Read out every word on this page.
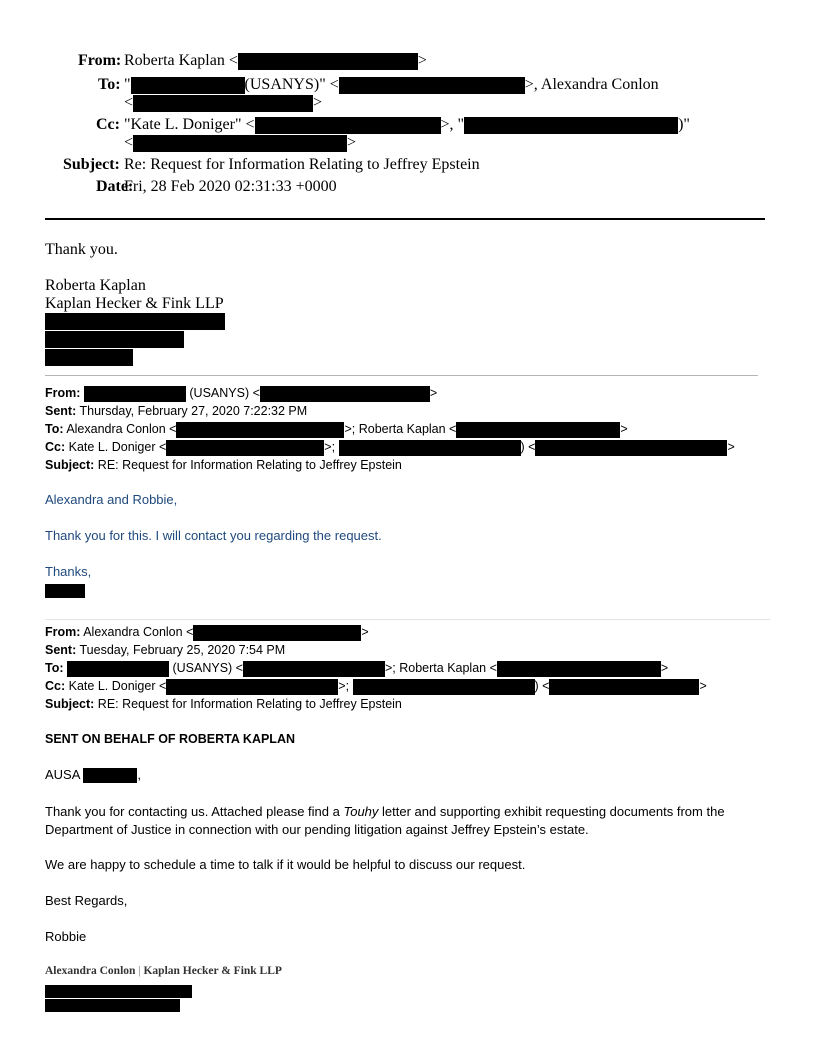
From: Roberta Kaplan <	>
To: "	(USANYS)" <	>, Alexandra Conlon
<	>
Cc: "Kate L. Doniger" <	>, "	)"
<	>
Subject: Re: Request for Information Relating to Jeffrey Epstein
Date:
Fri, 28 Feb 2020 02:31:33 +0000
Thank you.
Roberta Kaplan
Kaplan Hecker & Fink LLP
From:	(USANYS) <	>
Sent: Thursday, February 27, 2020 7:22:32 PM
To: Alexandra Conlon <	>; Roberta Kaplan <	>
Cc: Kate L. Doniger <	>;	) <	>
Subject: RE: Request for Information Relating to Jeffrey Epstein
Alexandra and Robbie,
Thank you for this. I will contact you regarding the request.
Thanks,
From: Alexandra Conlon <	>
Sent: Tuesday, February 25, 2020 7:54 PM
To:	(USANYS) <	>; Roberta Kaplan <	>
Cc: Kate L. Doniger <	>;	) <	>
Subject: RE: Request for Information Relating to Jeffrey Epstein
SENT ON BEHALF OF ROBERTA KAPLAN
AUSA	,
Thank you for contacting us. Attached please find a Touhy letter and supporting exhibit requesting documents from the
Department of Justice in connection with our pending litigation against Jeffrey Epstein’s estate.
We are happy to schedule a time to talk if it would be helpful to discuss our request.
Best Regards,
Robbie
Alexandra Conlon | Kaplan Hecker & Fink LLP
